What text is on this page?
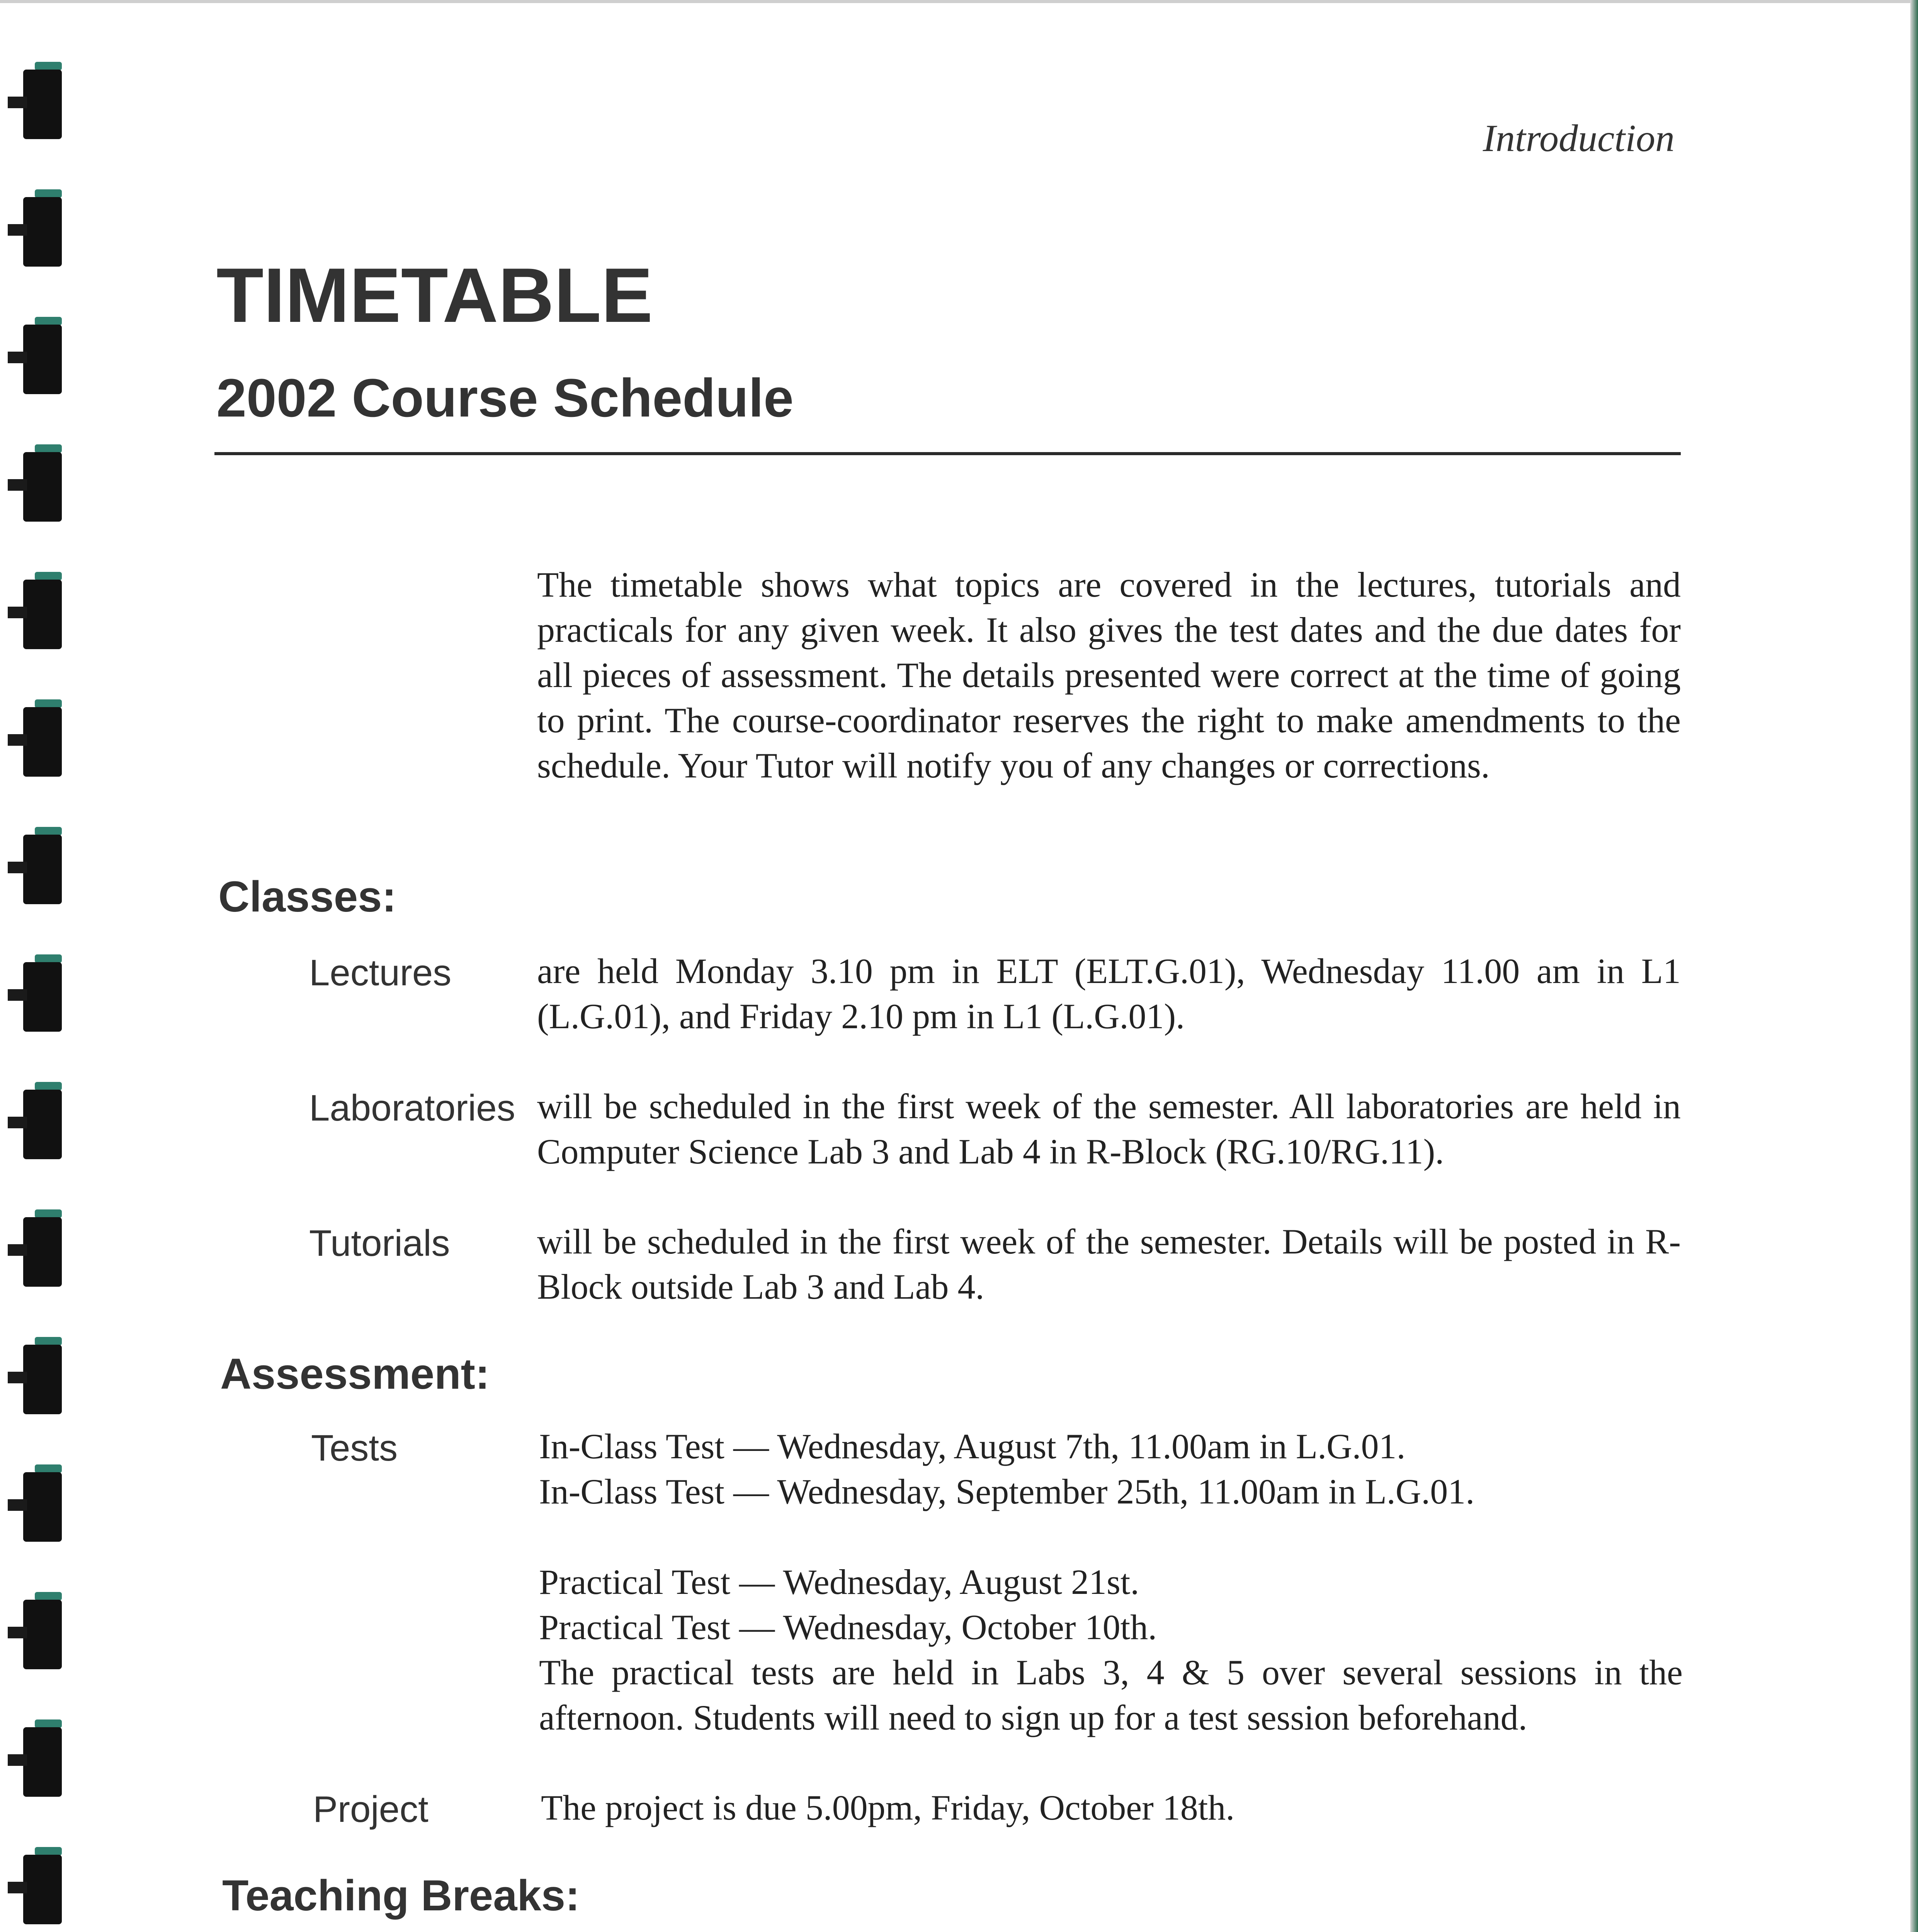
Introduction
TIMETABLE
2002 Course Schedule

The timetable shows what topics are covered in the lectures, tutorials and practicals for any given week. It also gives the test dates and the due dates for all pieces of assessment. The details presented were correct at the time of going to print. The course-coordinator reserves the right to make amendments to the schedule. Your Tutor will notify you of any changes or corrections.

Classes:
Lectures are held Monday 3.10 pm in ELT (ELT.G.01), Wednesday 11.00 am in L1 (L.G.01), and Friday 2.10 pm in L1 (L.G.01).

Laboratories will be scheduled in the first week of the semester. All laboratories are held in Computer Science Lab 3 and Lab 4 in R-Block (RG.10/RG.11).

Tutorials will be scheduled in the first week of the semester. Details will be posted in R-Block outside Lab 3 and Lab 4.

Assessment:
Tests	In-Class Test — Wednesday, August 7th, 11.00am in L.G.01.
In-Class Test — Wednesday, September 25th, 11.00am in L.G.01.
Practical Test — Wednesday, August 21st.
Practical Test — Wednesday, October 10th.
The practical tests are held in Labs 3, 4 & 5 over several sessions in the afternoon. Students will need to sign up for a test session beforehand.
Project	The project is due 5.00pm, Friday, October 18th.

Teaching Breaks:
